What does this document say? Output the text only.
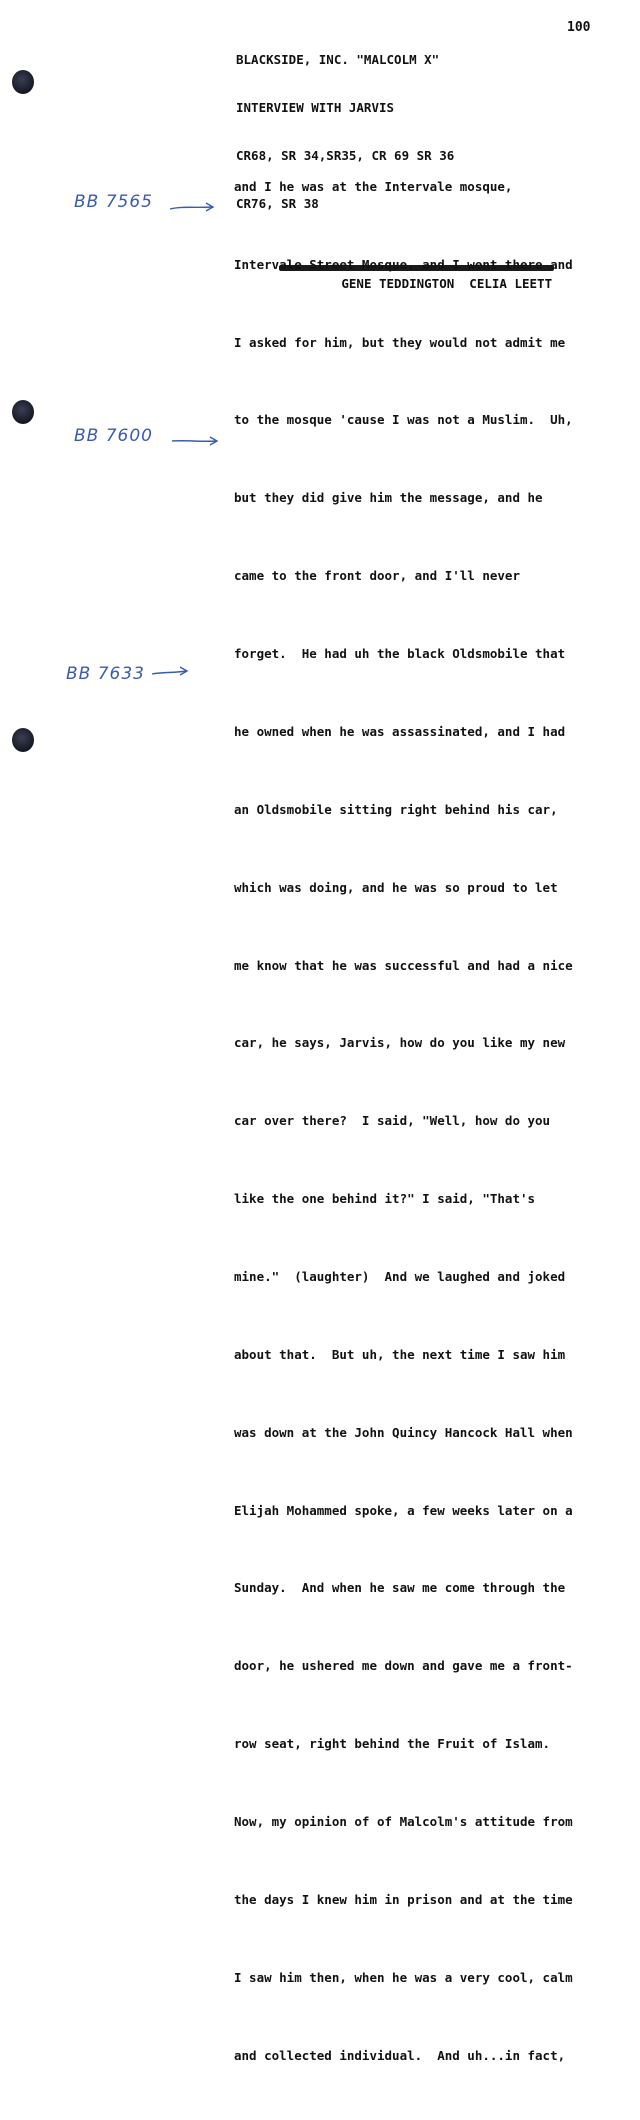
BLACKSIDE, INC. "MALCOLM X"

INTERVIEW WITH JARVIS

CR68, SR 34,SR35, CR 69 SR 36

CR76, SR 38

GENE TEDDINGTON  CELIA LEETT

100

and I he was at the Intervale mosque,

Intervale Street Mosque, and I went there and

I asked for him, but they would not admit me

to the mosque 'cause I was not a Muslim.  Uh,

but they did give him the message, and he

came to the front door, and I'll never

forget.  He had uh the black Oldsmobile that

he owned when he was assassinated, and I had

an Oldsmobile sitting right behind his car,

which was doing, and he was so proud to let

me know that he was successful and had a nice

car, he says, Jarvis, how do you like my new

car over there?  I said, "Well, how do you

like the one behind it?" I said, "That's

mine."  (laughter)  And we laughed and joked

about that.  But uh, the next time I saw him

was down at the John Quincy Hancock Hall when

Elijah Mohammed spoke, a few weeks later on a

Sunday.  And when he saw me come through the

door, he ushered me down and gave me a front-

row seat, right behind the Fruit of Islam.

Now, my opinion of of Malcolm's attitude from

the days I knew him in prison and at the time

I saw him then, when he was a very cool, calm

and collected individual.  And uh...in fact,

BB 7565
BB 7600
BB 7633
